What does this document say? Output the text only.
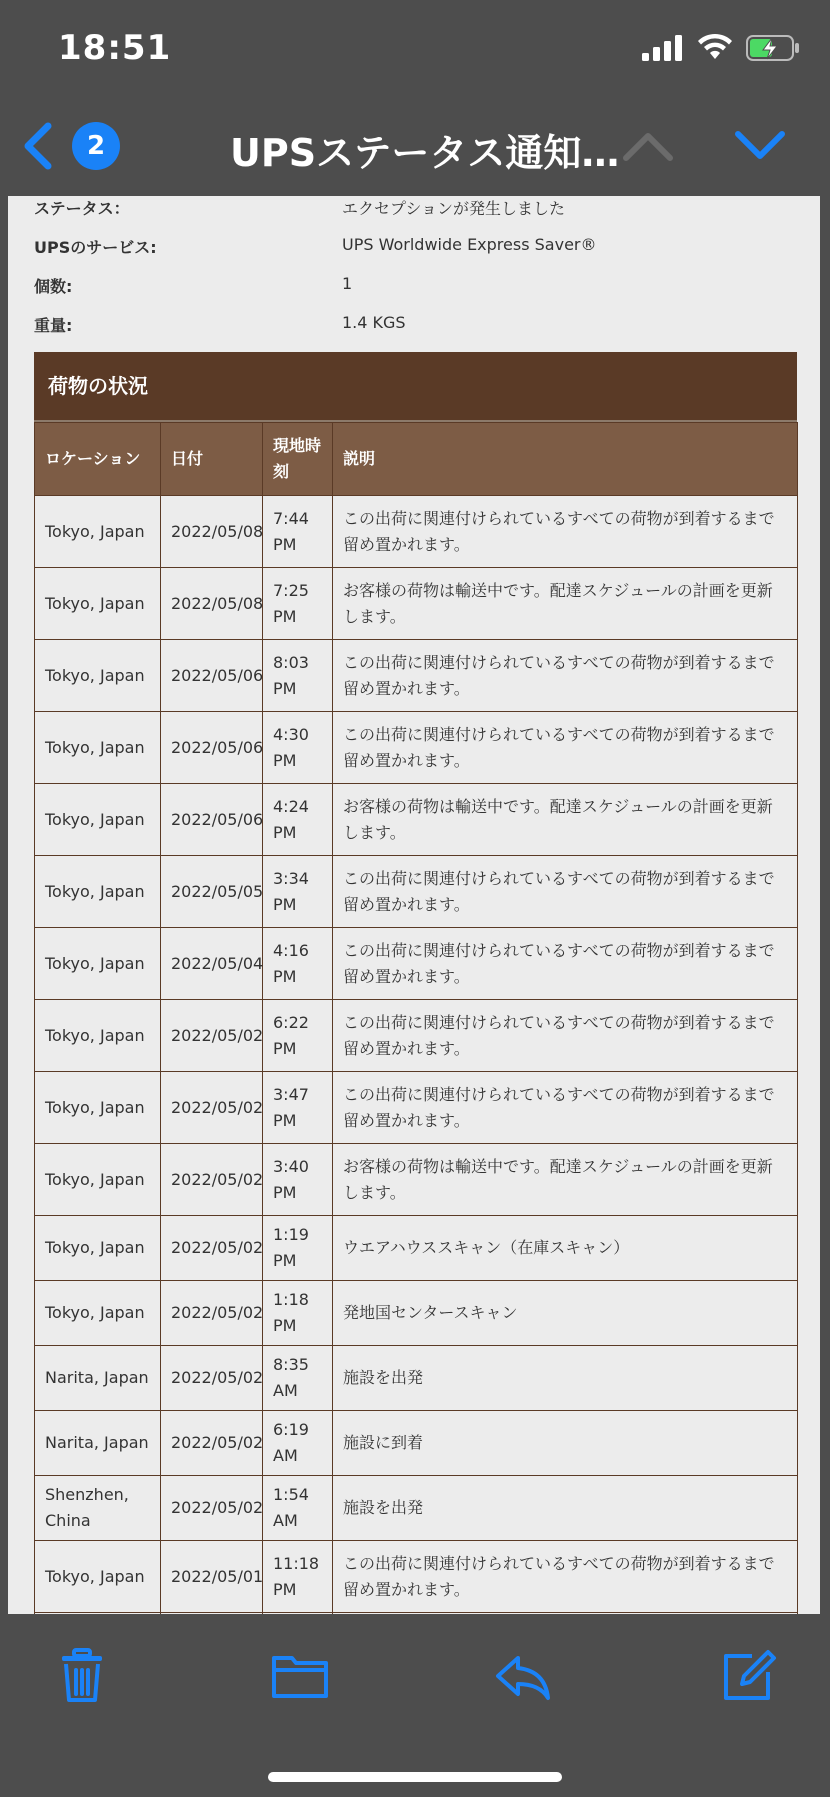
18:51
2	UPSステータス通知…
ステータス：	エクセプションが発生しました
UPSのサービス:	UPS Worldwide Express Saver®
個数:	1
重量:	1.4 KGS
荷物の状況
ロケーション	日付	現地時刻	説明
Tokyo, Japan	2022/05/08	7:44 PM	この出荷に関連付けられているすべての荷物が到着するまで留め置かれます。
Tokyo, Japan	2022/05/08	7:25 PM	お客様の荷物は輸送中です。配達スケジュールの計画を更新します。
Tokyo, Japan	2022/05/06	8:03 PM	この出荷に関連付けられているすべての荷物が到着するまで留め置かれます。
Tokyo, Japan	2022/05/06	4:30 PM	この出荷に関連付けられているすべての荷物が到着するまで留め置かれます。
Tokyo, Japan	2022/05/06	4:24 PM	お客様の荷物は輸送中です。配達スケジュールの計画を更新します。
Tokyo, Japan	2022/05/05	3:34 PM	この出荷に関連付けられているすべての荷物が到着するまで留め置かれます。
Tokyo, Japan	2022/05/04	4:16 PM	この出荷に関連付けられているすべての荷物が到着するまで留め置かれます。
Tokyo, Japan	2022/05/02	6:22 PM	この出荷に関連付けられているすべての荷物が到着するまで留め置かれます。
Tokyo, Japan	2022/05/02	3:47 PM	この出荷に関連付けられているすべての荷物が到着するまで留め置かれます。
Tokyo, Japan	2022/05/02	3:40 PM	お客様の荷物は輸送中です。配達スケジュールの計画を更新します。
Tokyo, Japan	2022/05/02	1:19 PM	ウエアハウススキャン（在庫スキャン）
Tokyo, Japan	2022/05/02	1:18 PM	発地国センタースキャン
Narita, Japan	2022/05/02	8:35 AM	施設を出発
Narita, Japan	2022/05/02	6:19 AM	施設に到着
Shenzhen, China	2022/05/02	1:54 AM	施設を出発
Tokyo, Japan	2022/05/01	11:18 PM	この出荷に関連付けられているすべての荷物が到着するまで留め置かれます。
